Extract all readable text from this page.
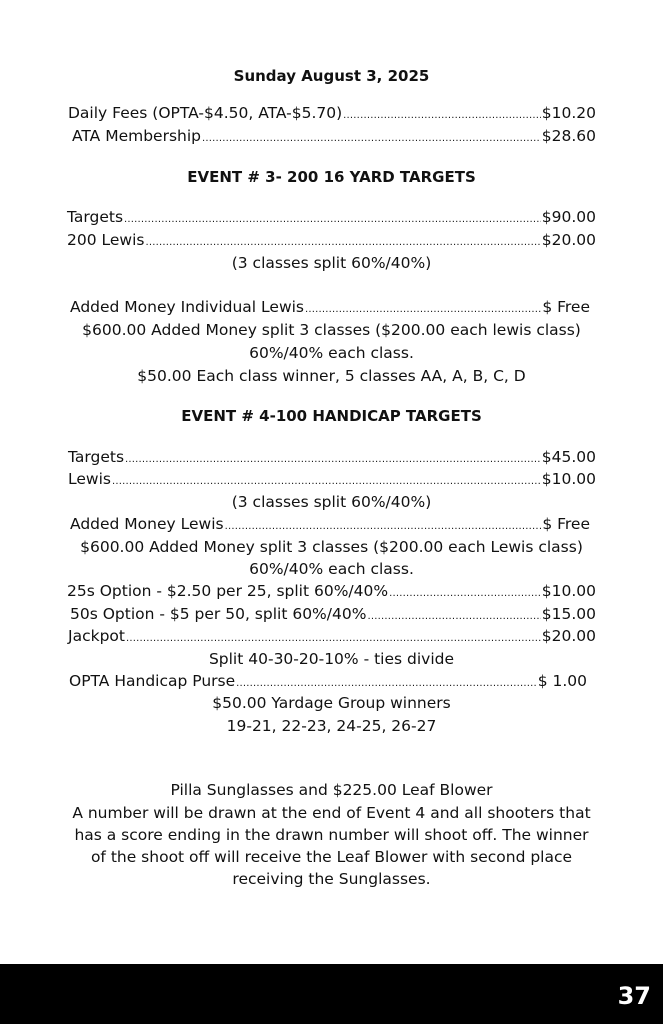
Sunday August 3, 2025
Daily Fees (OPTA-$4.50, ATA-$5.70) .....	$10.20
ATA Membership .....	$28.60
EVENT # 3- 200 16 YARD TARGETS
Targets .....	$90.00
200 Lewis .....	$20.00
(3 classes split 60%/40%)
Added Money Individual Lewis .....	$ Free
$600.00 Added Money split 3 classes ($200.00 each lewis class)
60%/40% each class.
$50.00 Each class winner, 5 classes AA, A, B, C, D
EVENT # 4-100 HANDICAP TARGETS
Targets .....	$45.00
Lewis .....	$10.00
(3 classes split 60%/40%)
Added Money Lewis .....	$ Free
$600.00 Added Money split 3 classes ($200.00 each Lewis class)
60%/40% each class.
25s Option - $2.50 per 25, split 60%/40% .....	$10.00
50s Option - $5 per 50, split 60%/40% .....	$15.00
Jackpot .....	$20.00
Split 40-30-20-10% - ties divide
OPTA Handicap Purse .....	$ 1.00
$50.00 Yardage Group winners
19-21, 22-23, 24-25, 26-27
Pilla Sunglasses and $225.00 Leaf Blower
A number will be drawn at the end of Event 4 and all shooters that has a score ending in the drawn number will shoot off. The winner of the shoot off will receive the Leaf Blower with second place receiving the Sunglasses.
37
